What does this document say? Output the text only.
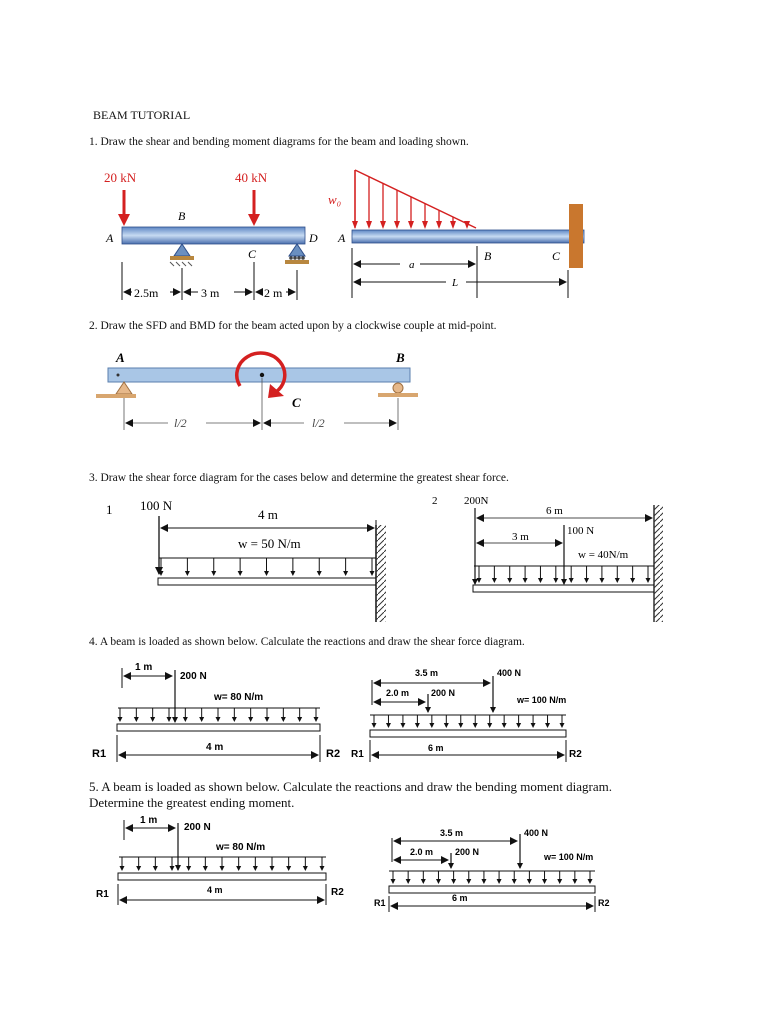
BEAM TUTORIAL
1. Draw the shear and bending moment diagrams for the beam and loading shown.
2. Draw the SFD and BMD for the beam acted upon by a clockwise couple at mid-point.
3. Draw the shear force diagram for the cases below and determine the greatest shear force.
4. A beam is loaded as shown below. Calculate the reactions and draw the shear force diagram.
5. A beam is loaded as shown below. Calculate the reactions and draw the bending moment diagram.
Determine the greatest ending moment.
20 kN	40 kN
A
B
C
D
2.5m	3 m	2 m
w₀
A
B	C
a
L
A	B
C
l/2	l/2
1 100 N
4 m
w = 50 N/m
2 200N
6 m
3 m	100 N
w = 40N/m
1 m
200 N
w= 80 N/m
4 m
R1	R2
3.5 m	400 N
2.0 m 200 N
w= 100 N/m
6 m
R1	R2
1 m
200 N
w= 80 N/m
4 m
R1	R2
3.5 m	400 N
2.0 m 200 N	w= 100 N/m
6 m
R1	R2
